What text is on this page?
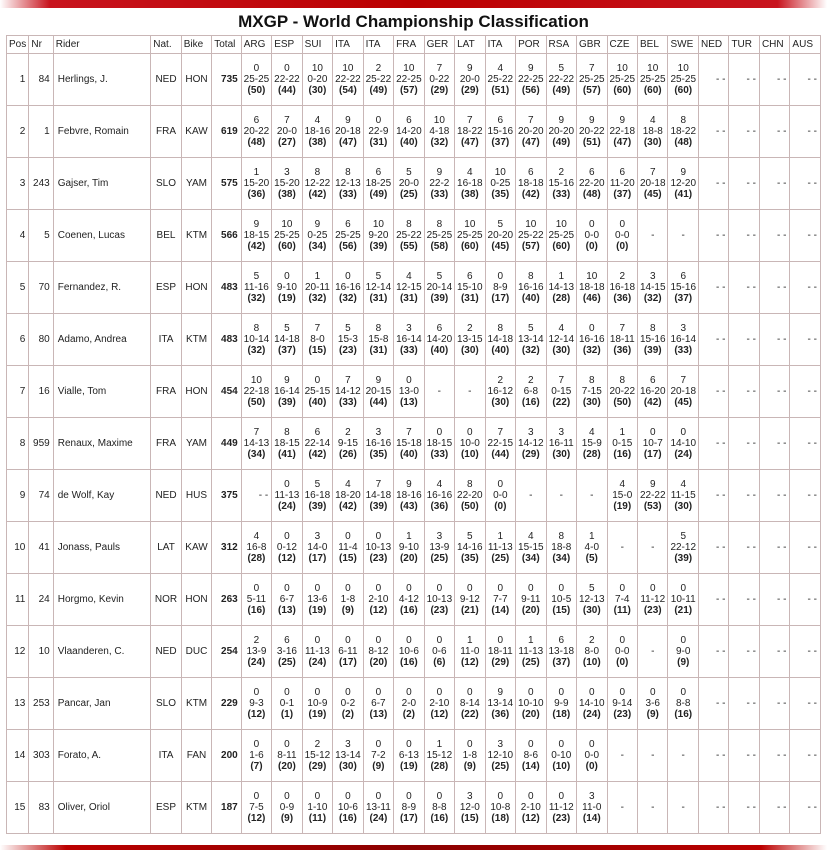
MXGP - World Championship Classification
Pos	Nr	Rider	Nat.	Bike	Total	ARG	ESP	SUI	ITA	ITA	FRA	GER	LAT	ITA	POR	RSA	GBR	CZE	BEL	SWE	NED	TUR	CHN	AUS
1	84	Herlings, J.	NED	HON	735	0
25-25
(50)	0
22-22
(44)	10
0-20
(30)	10
22-22
(54)	2
25-22
(49)	10
22-25
(57)	7
0-22
(29)	9
20-0
(29)	4
25-22
(51)	9
22-25
(56)	5
22-22
(49)	7
25-25
(57)	10
25-25
(60)	10
25-25
(60)	10
25-25
(60)	- -	- -	- -	- -
2	1	Febvre, Romain	FRA	KAW	619	6
20-22
(48)	7
20-0
(27)	4
18-16
(38)	9
20-18
(47)	0
22-9
(31)	6
14-20
(40)	10
4-18
(32)	7
18-22
(47)	6
15-16
(37)	7
20-20
(47)	9
20-20
(49)	9
20-22
(51)	9
22-18
(47)	4
18-8
(30)	8
18-22
(48)	- -	- -	- -	- -
3	243	Gajser, Tim	SLO	YAM	575	1
15-20
(36)	3
15-20
(38)	8
12-22
(42)	8
12-13
(33)	6
18-25
(49)	5
20-0
(25)	9
22-2
(33)	4
16-18
(38)	10
0-25
(35)	6
18-18
(42)	2
15-16
(33)	6
22-20
(48)	6
11-20
(37)	7
20-18
(45)	9
12-20
(41)	- -	- -	- -	- -
4	5	Coenen, Lucas	BEL	KTM	566	9
18-15
(42)	10
25-25
(60)	9
0-25
(34)	6
25-25
(56)	10
9-20
(39)	8
25-22
(55)	8
25-25
(58)	10
25-25
(60)	5
20-20
(45)	10
25-22
(57)	10
25-25
(60)	0
0-0
(0)	0
0-0
(0)	-	-	- -	- -	- -	- -
5	70	Fernandez, R.	ESP	HON	483	5
11-16
(32)	0
9-10
(19)	1
20-11
(32)	0
16-16
(32)	5
12-14
(31)	4
12-15
(31)	5
20-14
(39)	6
15-10
(31)	0
8-9
(17)	8
16-16
(40)	1
14-13
(28)	10
18-18
(46)	2
16-18
(36)	3
14-15
(32)	6
15-16
(37)	- -	- -	- -	- -
6	80	Adamo, Andrea	ITA	KTM	483	8
10-14
(32)	5
14-18
(37)	7
8-0
(15)	5
15-3
(23)	8
15-8
(31)	3
16-14
(33)	6
14-20
(40)	2
13-15
(30)	8
14-18
(40)	5
13-14
(32)	4
12-14
(30)	0
16-16
(32)	7
18-11
(36)	8
15-16
(39)	3
16-14
(33)	- -	- -	- -	- -
7	16	Vialle, Tom	FRA	HON	454	10
22-18
(50)	9
16-14
(39)	0
25-15
(40)	7
14-12
(33)	9
20-15
(44)	0
13-0
(13)	-	-	2
16-12
(30)	2
6-8
(16)	7
0-15
(22)	8
7-15
(30)	8
20-22
(50)	6
16-20
(42)	7
20-18
(45)	- -	- -	- -	- -
8	959	Renaux, Maxime	FRA	YAM	449	7
14-13
(34)	8
18-15
(41)	6
22-14
(42)	2
9-15
(26)	3
16-16
(35)	7
15-18
(40)	0
18-15
(33)	0
10-0
(10)	7
22-15
(44)	3
14-12
(29)	3
16-11
(30)	4
15-9
(28)	1
0-15
(16)	0
10-7
(17)	0
14-10
(24)	- -	- -	- -	- -
9	74	de Wolf, Kay	NED	HUS	375	- -	0
11-13
(24)	5
16-18
(39)	4
18-20
(42)	7
14-18
(39)	9
18-16
(43)	4
16-16
(36)	8
22-20
(50)	0
0-0
(0)	-	-	-	4
15-0
(19)	9
22-22
(53)	4
11-15
(30)	- -	- -	- -	- -
10	41	Jonass, Pauls	LAT	KAW	312	4
16-8
(28)	0
0-12
(12)	3
14-0
(17)	0
11-4
(15)	0
10-13
(23)	1
9-10
(20)	3
13-9
(25)	5
14-16
(35)	1
11-13
(25)	4
15-15
(34)	8
18-8
(34)	1
4-0
(5)	-	-	5
22-12
(39)	- -	- -	- -	- -
11	24	Horgmo, Kevin	NOR	HON	263	0
5-11
(16)	0
6-7
(13)	0
13-6
(19)	0
1-8
(9)	0
2-10
(12)	0
4-12
(16)	0
10-13
(23)	0
9-12
(21)	0
7-7
(14)	0
9-11
(20)	0
10-5
(15)	5
12-13
(30)	0
7-4
(11)	0
11-12
(23)	0
10-11
(21)	- -	- -	- -	- -
12	10	Vlaanderen, C.	NED	DUC	254	2
13-9
(24)	6
3-16
(25)	0
11-13
(24)	0
6-11
(17)	0
8-12
(20)	0
10-6
(16)	0
0-6
(6)	1
11-0
(12)	0
18-11
(29)	1
11-13
(25)	6
13-18
(37)	2
8-0
(10)	0
0-0
(0)	-	0
9-0
(9)	- -	- -	- -	- -
13	253	Pancar, Jan	SLO	KTM	229	0
9-3
(12)	0
0-1
(1)	0
10-9
(19)	0
0-2
(2)	0
6-7
(13)	0
2-0
(2)	0
2-10
(12)	0
8-14
(22)	9
13-14
(36)	0
10-10
(20)	0
9-9
(18)	0
14-10
(24)	0
9-14
(23)	0
3-6
(9)	0
8-8
(16)	- -	- -	- -	- -
14	303	Forato, A.	ITA	FAN	200	0
1-6
(7)	0
8-11
(20)	2
15-12
(29)	3
13-14
(30)	0
7-2
(9)	0
6-13
(19)	1
15-12
(28)	0
1-8
(9)	3
12-10
(25)	0
8-6
(14)	0
0-10
(10)	0
0-0
(0)	-	-	-	- -	- -	- -	- -
15	83	Oliver, Oriol	ESP	KTM	187	0
7-5
(12)	0
0-9
(9)	0
1-10
(11)	0
10-6
(16)	0
13-11
(24)	0
8-9
(17)	0
8-8
(16)	3
12-0
(15)	0
10-8
(18)	0
2-10
(12)	0
11-12
(23)	3
11-0
(14)	-	-	-	- -	- -	- -	- -
